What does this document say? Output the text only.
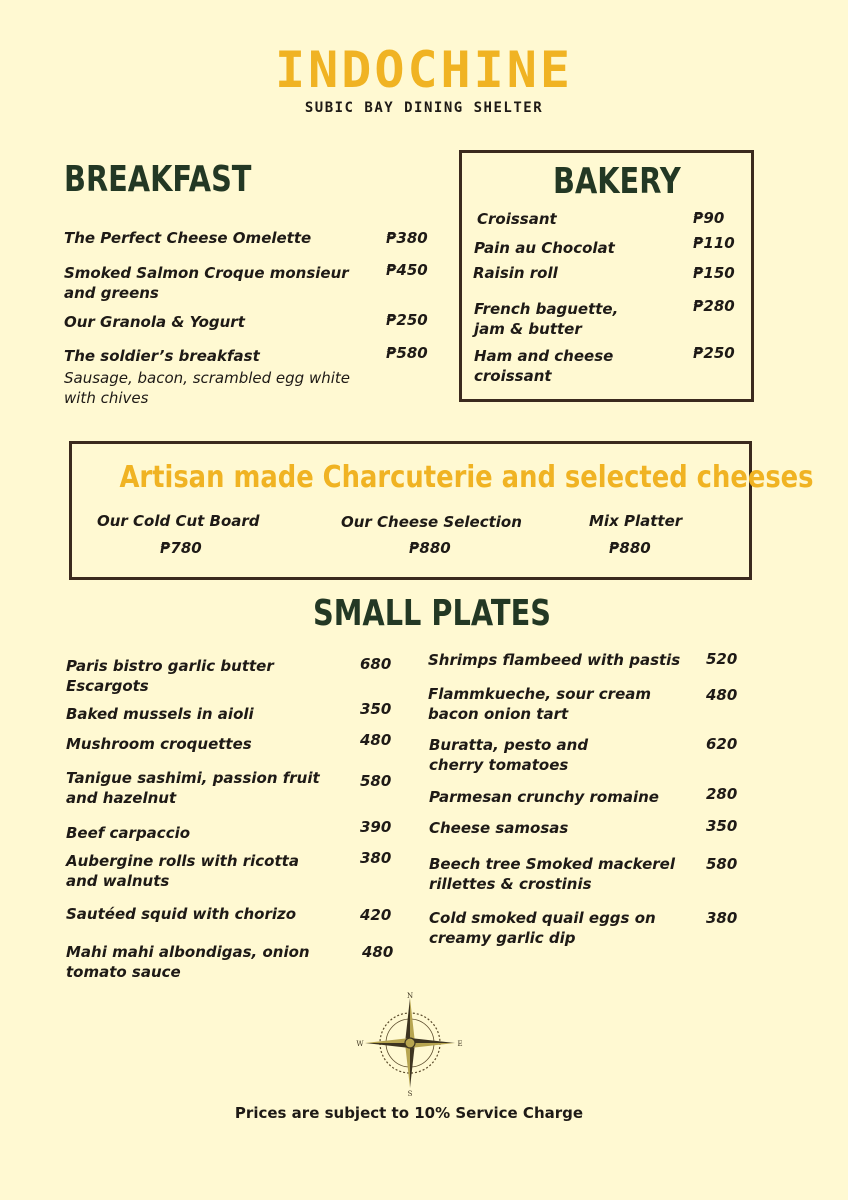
INDOCHINE
SUBIC BAY DINING SHELTER
BREAKFAST
The Perfect Cheese Omelette	₱380
Smoked Salmon Croque monsieur and greens
₱450
Our Granola & Yogurt	₱250
The soldier’s breakfast
Sausage, bacon, scrambled egg white with chives
₱580
BAKERY
Croissant	₱90
Pain au Chocolat	₱110
Raisin roll	₱150
French baguette, jam & butter
₱280
Ham and cheese croissant
₱250
Artisan made Charcuterie and selected cheeses
Our Cold Cut Board
₱780
Our Cheese Selection
₱880
Mix Platter
₱880
SMALL PLATES
Paris bistro garlic butter Escargots
680
Baked mussels in aioli	350
Mushroom croquettes	480
Tanigue sashimi, passion fruit and hazelnut
580
Beef carpaccio	390
Aubergine rolls with ricotta and walnuts
380
Sautéed squid with chorizo	420
Mahi mahi albondigas, onion tomato sauce
480
Shrimps flambeed with pastis	520
Flammkueche, sour cream bacon onion tart
480
Buratta, pesto and cherry tomatoes
620
Parmesan crunchy romaine	280
Cheese samosas	350
Beech tree Smoked mackerel rillettes & crostinis
580
Cold smoked quail eggs on creamy garlic dip
380
N
S
E
W
Prices are subject to 10% Service Charge
